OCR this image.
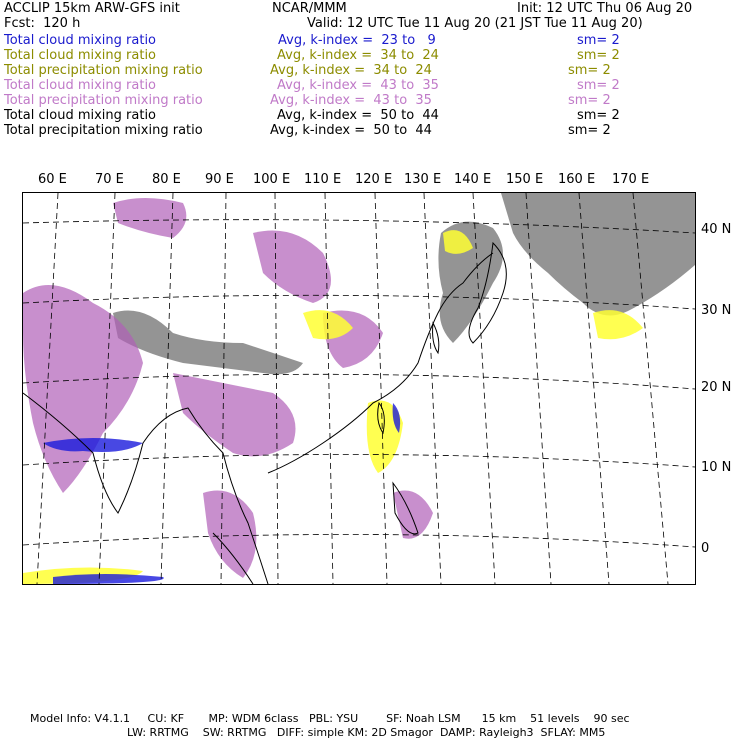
ACCLIP 15km ARW-GFS init	NCAR/MMM	Init: 12 UTC Thu 06 Aug 20
Fcst:  120 h	Valid: 12 UTC Tue 11 Aug 20 (21 JST Tue 11 Aug 20)
Total cloud mixing ratio	Avg, k-index =  23 to   9	sm= 2
Total cloud mixing ratio	Avg, k-index =  34 to  24	sm= 2
Total precipitation mixing ratio	Avg, k-index =  34 to  24	sm= 2
Total cloud mixing ratio	Avg, k-index =  43 to  35	sm= 2
Total precipitation mixing ratio	Avg, k-index =  43 to  35	sm= 2
Total cloud mixing ratio	Avg, k-index =  50 to  44	sm= 2
Total precipitation mixing ratio	Avg, k-index =  50 to  44	sm= 2
60 E 70 E 80 E 90 E 100 E 110 E 120 E 130 E 140 E 150 E 160 E 170 E
40 N
30 N
20 N
10 N
0
Model Info: V4.1.1     CU: KF       MP: WDM 6class   PBL: YSU        SF: Noah LSM      15 km    51 levels    90 sec
LW: RRTMG    SW: RRTMG   DIFF: simple KM: 2D Smagor  DAMP: Rayleigh3  SFLAY: MM5
